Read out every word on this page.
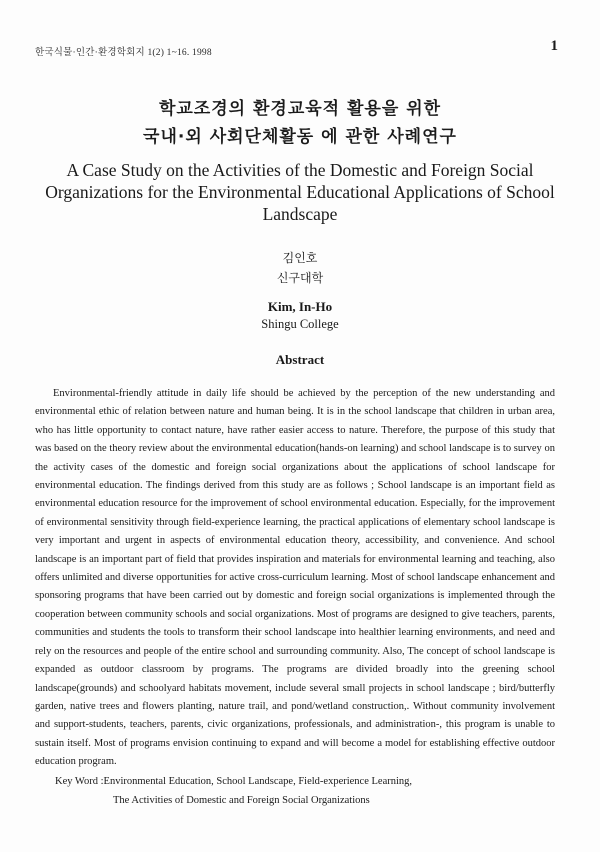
한국식물·인간·환경학회지 1(2) 1~16. 1998	1
학교조경의 환경교육적 활용을 위한
국내·외 사회단체활동 에 관한 사례연구
A Case Study on the Activities of the Domestic and Foreign Social Organizations for the Environmental Educational Applications of School Landscape
김인호
신구대학
Kim, In-Ho
Shingu College
Abstract

Environmental-friendly attitude in daily life should be achieved by the perception of the new understanding and environmental ethic of relation between nature and human being. It is in the school landscape that children in urban area, who has little opportunity to contact nature, have rather easier access to nature. Therefore, the purpose of this study that was based on the theory review about the environmental education(hands-on learning) and school landscape is to survey on the activity cases of the domestic and foreign social organizations about the applications of school landscape for environmental education. The findings derived from this study are as follows ; School landscape is an important field as environmental education resource for the improvement of school environmental education. Especially, for the improvement of environmental sensitivity through field-experience learning, the practical applications of elementary school landscape is very important and urgent in aspects of environmental education theory, accessibility, and convenience. And school landscape is an important part of field that provides inspiration and materials for environmental learning and teaching, also offers unlimited and diverse opportunities for active cross-curriculum learning. Most of school landscape enhancement and sponsoring programs that have been carried out by domestic and foreign social organizations is implemented through the cooperation between community schools and social organizations. Most of programs are designed to give teachers, parents, communities and students the tools to transform their school landscape into healthier learning environments, and need and rely on the resources and people of the entire school and surrounding community. Also, The concept of school landscape is expanded as outdoor classroom by programs. The programs are divided broadly into the greening school landscape(grounds) and schoolyard habitats movement, include several small projects in school landscape ; bird/butterfly garden, native trees and flowers planting, nature trail, and pond/wetland construction,. Without community involvement and support-students, teachers, parents, civic organizations, professionals, and administration-, this program is unable to sustain itself. Most of programs envision continuing to expand and will become a model for establishing effective outdoor education program.

Key Word :Environmental Education, School Landscape, Field-experience Learning,
The Activities of Domestic and Foreign Social Organizations
